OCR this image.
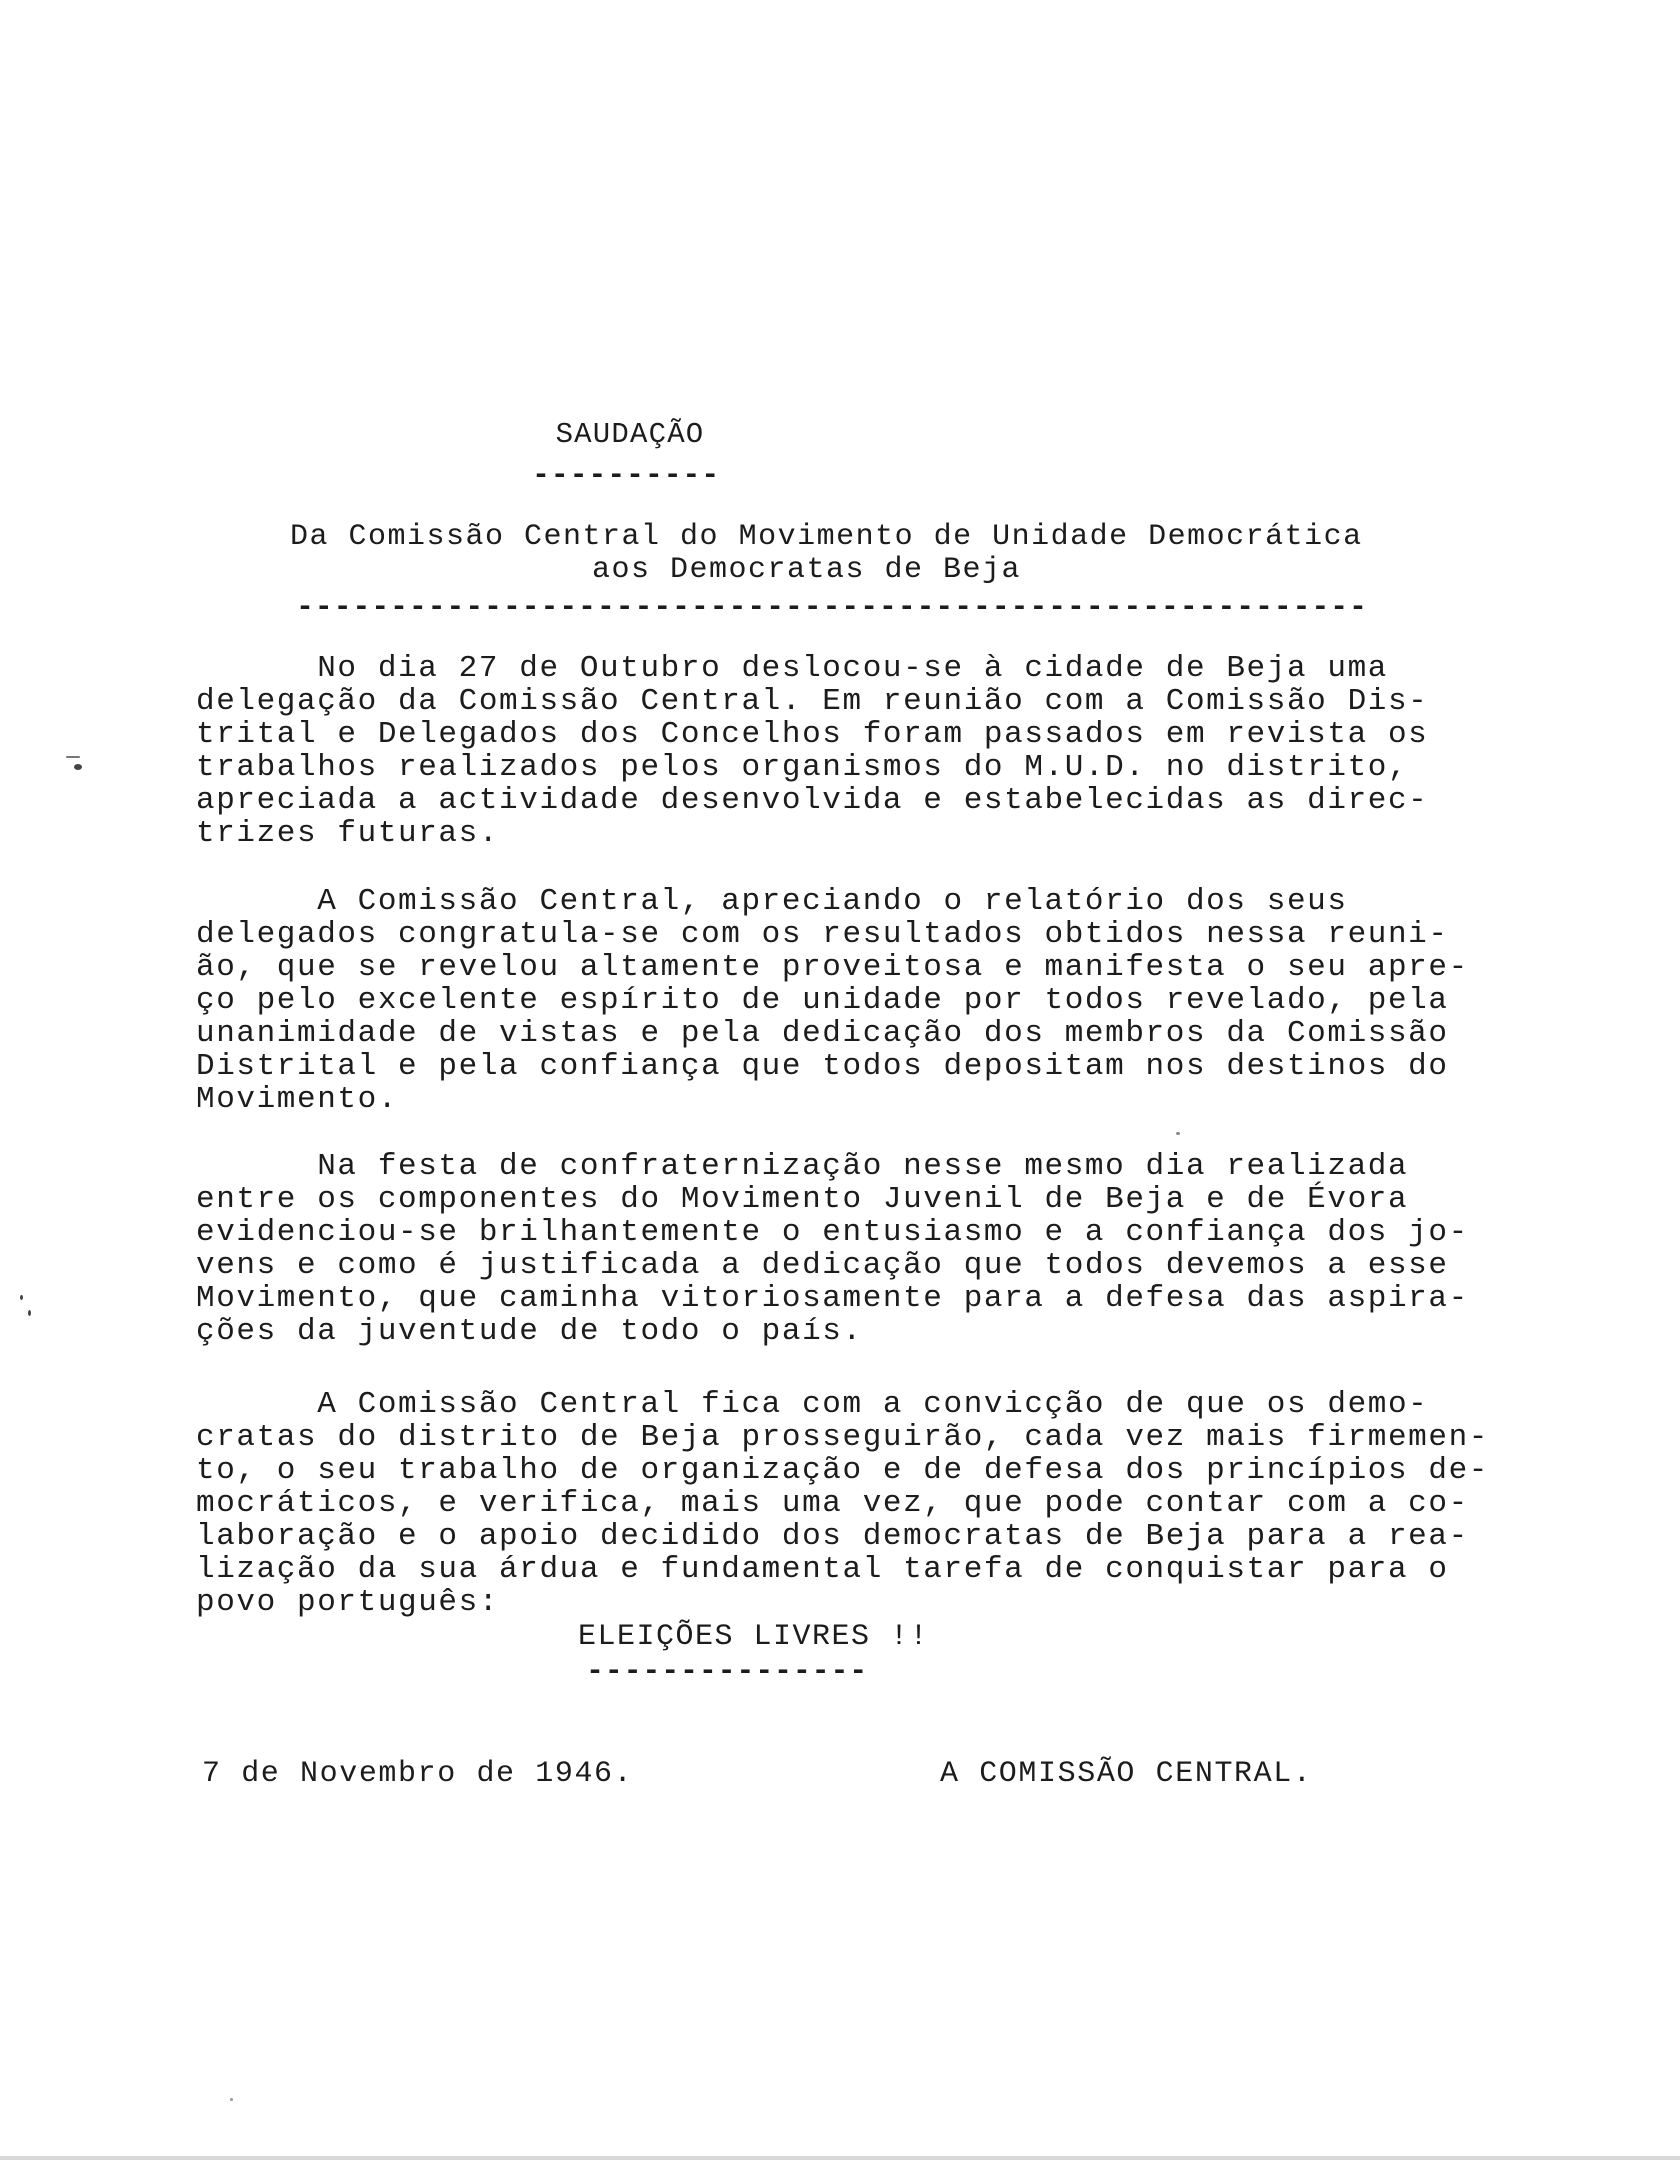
SAUDAÇÃO
----------
Da Comissão Central do Movimento de Unidade Democrática
aos Democratas de Beja
---------------------------------------------------------
No dia 27 de Outubro deslocou-se à cidade de Beja uma
delegação da Comissão Central. Em reunião com a Comissão Dis-
trital e Delegados dos Concelhos foram passados em revista os
trabalhos realizados pelos organismos do M.U.D. no distrito,
apreciada a actividade desenvolvida e estabelecidas as direc-
trizes futuras.
A Comissão Central, apreciando o relatório dos seus
delegados congratula-se com os resultados obtidos nessa reuni-
ão, que se revelou altamente proveitosa e manifesta o seu apre-
ço pelo excelente espírito de unidade por todos revelado, pela
unanimidade de vistas e pela dedicação dos membros da Comissão
Distrital e pela confiança que todos depositam nos destinos do
Movimento.
Na festa de confraternização nesse mesmo dia realizada
entre os componentes do Movimento Juvenil de Beja e de Évora
evidenciou-se brilhantemente o entusiasmo e a confiança dos jo-
vens e como é justificada a dedicação que todos devemos a esse
Movimento, que caminha vitoriosamente para a defesa das aspira-
ções da juventude de todo o país.
A Comissão Central fica com a convicção de que os demo-
cratas do distrito de Beja prosseguirão, cada vez mais firmemen-
to, o seu trabalho de organização e de defesa dos princípios de-
mocráticos, e verifica, mais uma vez, que pode contar com a co-
laboração e o apoio decidido dos democratas de Beja para a rea-
lização da sua árdua e fundamental tarefa de conquistar para o
povo português:
ELEIÇÕES LIVRES !!
---------------
7 de Novembro de 1946.	A COMISSÃO CENTRAL.
